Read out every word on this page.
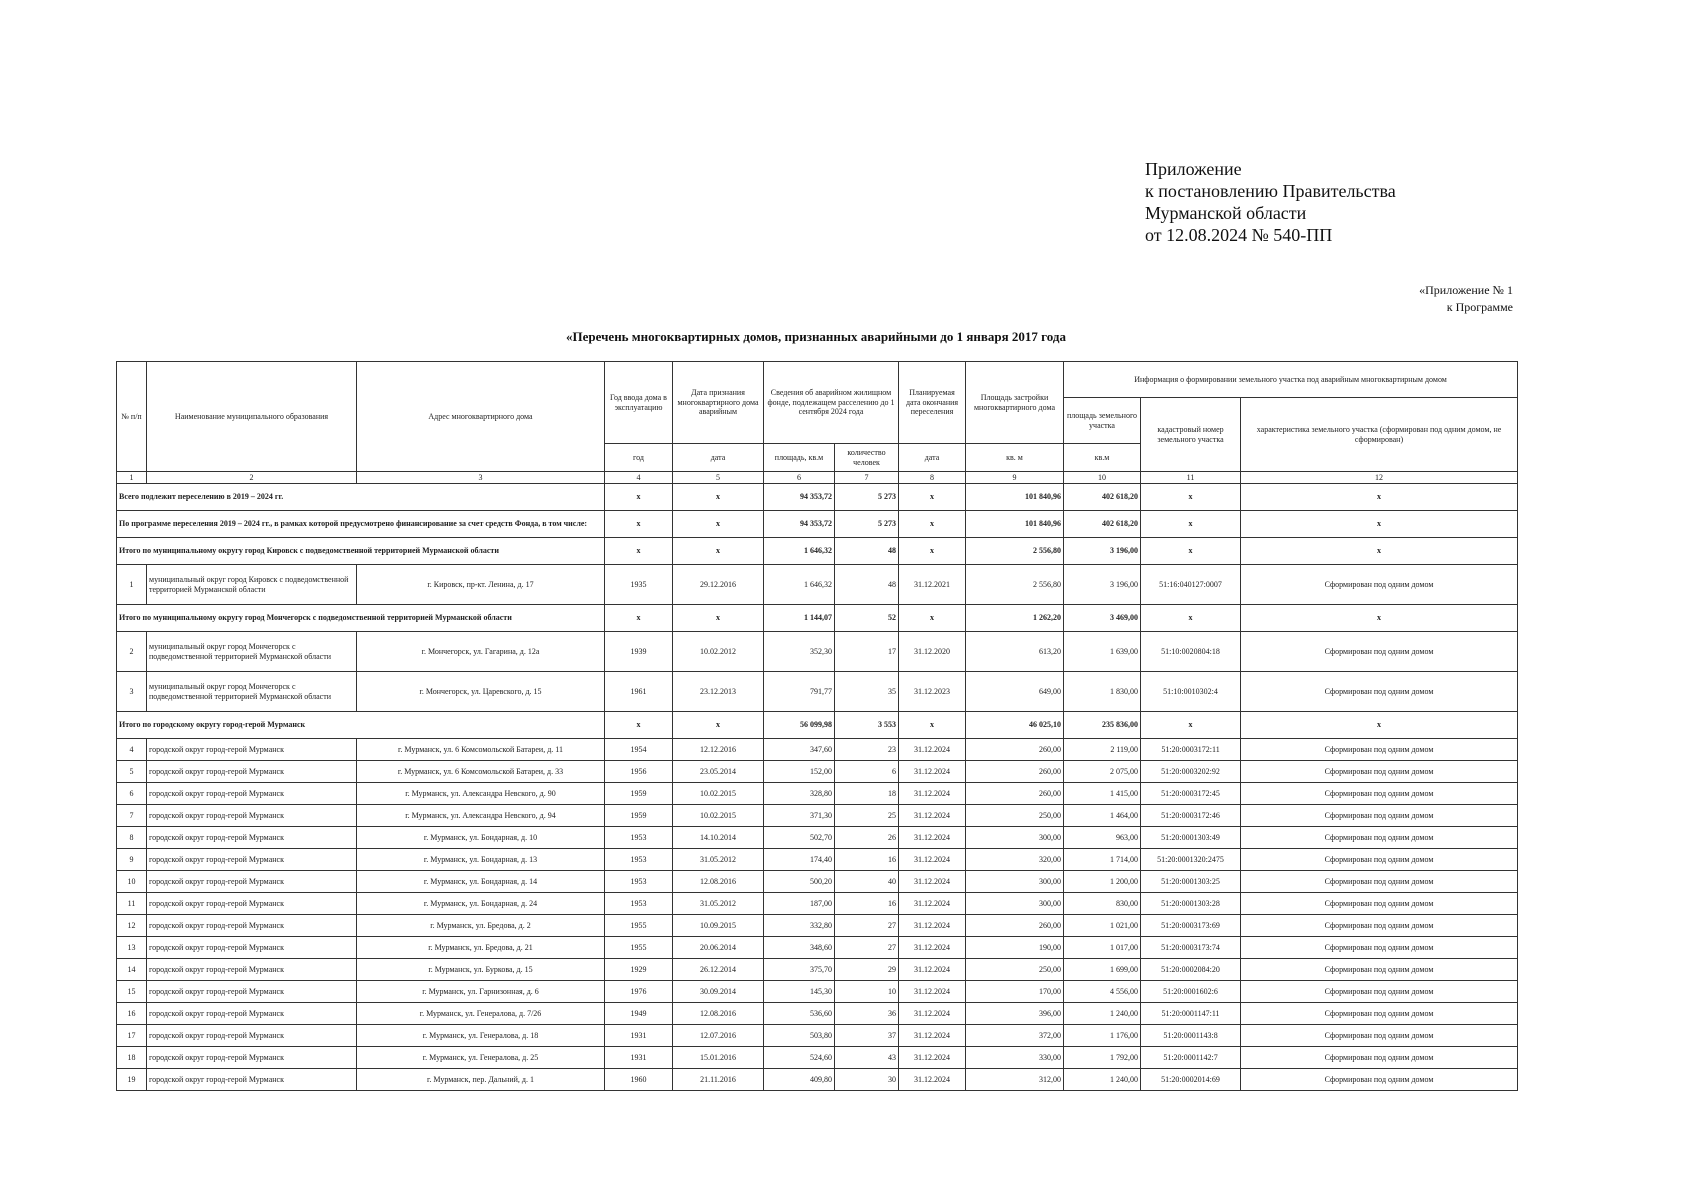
Приложение
к постановлению Правительства
Мурманской области
от 12.08.2024 № 540-ПП
«Приложение № 1
к Программе
«Перечень многоквартирных домов, признанных аварийными до 1 января 2017 года
№ п/п	Наименование муниципального образования	Адрес многоквартирного дома	Год ввода дома в эксплуатацию	Дата признания многоквартирного дома аварийным	Сведения об аварийном жилищном фонде, подлежащем расселению до 1 сентября 2024 года		Планируемая дата окончания переселения	Площадь застройки многоквартирного дома	Информация о формировании земельного участка под аварийным многоквартирным домом		
									площадь земельного участка	кадастровый номер земельного участка	характеристика земельного участка (сформирован под одним домом, не сформирован)
			год	дата	площадь, кв.м	количество человек	дата	кв. м	кв.м		
1	2	3	4	5	6	7	8	9	10	11	12
Всего подлежит переселению в 2019 – 2024 гг.			x	x	94 353,72	5 273	x	101 840,96	402 618,20	x	x
По программе переселения 2019 – 2024 гг., в рамках которой предусмотрено финансирование за счет средств Фонда, в том числе:			x	x	94 353,72	5 273	x	101 840,96	402 618,20	x	x
Итого по муниципальному округу город Кировск с подведомственной территорией Мурманской области			x	x	1 646,32	48	x	2 556,80	3 196,00	x	x
1	муниципальный округ город Кировск с подведомственной территорией Мурманской области	г. Кировск, пр-кт. Ленина, д. 17	1935	29.12.2016	1 646,32	48	31.12.2021	2 556,80	3 196,00	51:16:040127:0007	Сформирован под одним домом
Итого по муниципальному округу город Мончегорск с подведомственной территорией Мурманской области			x	x	1 144,07	52	x	1 262,20	3 469,00	x	x
2	муниципальный округ город Мончегорск с подведомственной территорией Мурманской области	г. Мончегорск, ул. Гагарина, д. 12а	1939	10.02.2012	352,30	17	31.12.2020	613,20	1 639,00	51:10:0020804:18	Сформирован под одним домом
3	муниципальный округ город Мончегорск с подведомственной территорией Мурманской области	г. Мончегорск, ул. Царевского, д. 15	1961	23.12.2013	791,77	35	31.12.2023	649,00	1 830,00	51:10:0010302:4	Сформирован под одним домом
Итого по городскому округу город-герой Мурманск			x	x	56 099,98	3 553	x	46 025,10	235 836,00	x	x
4	городской округ город-герой Мурманск	г. Мурманск, ул. 6 Комсомольской Батареи, д. 11	1954	12.12.2016	347,60	23	31.12.2024	260,00	2 119,00	51:20:0003172:11	Сформирован под одним домом
5	городской округ город-герой Мурманск	г. Мурманск, ул. 6 Комсомольской Батареи, д. 33	1956	23.05.2014	152,00	6	31.12.2024	260,00	2 075,00	51:20:0003202:92	Сформирован под одним домом
6	городской округ город-герой Мурманск	г. Мурманск, ул. Александра Невского, д. 90	1959	10.02.2015	328,80	18	31.12.2024	260,00	1 415,00	51:20:0003172:45	Сформирован под одним домом
7	городской округ город-герой Мурманск	г. Мурманск, ул. Александра Невского, д. 94	1959	10.02.2015	371,30	25	31.12.2024	250,00	1 464,00	51:20:0003172:46	Сформирован под одним домом
8	городской округ город-герой Мурманск	г. Мурманск, ул. Бондарная, д. 10	1953	14.10.2014	502,70	26	31.12.2024	300,00	963,00	51:20:0001303:49	Сформирован под одним домом
9	городской округ город-герой Мурманск	г. Мурманск, ул. Бондарная, д. 13	1953	31.05.2012	174,40	16	31.12.2024	320,00	1 714,00	51:20:0001320:2475	Сформирован под одним домом
10	городской округ город-герой Мурманск	г. Мурманск, ул. Бондарная, д. 14	1953	12.08.2016	500,20	40	31.12.2024	300,00	1 200,00	51:20:0001303:25	Сформирован под одним домом
11	городской округ город-герой Мурманск	г. Мурманск, ул. Бондарная, д. 24	1953	31.05.2012	187,00	16	31.12.2024	300,00	830,00	51:20:0001303:28	Сформирован под одним домом
12	городской округ город-герой Мурманск	г. Мурманск, ул. Бредова, д. 2	1955	10.09.2015	332,80	27	31.12.2024	260,00	1 021,00	51:20:0003173:69	Сформирован под одним домом
13	городской округ город-герой Мурманск	г. Мурманск, ул. Бредова, д. 21	1955	20.06.2014	348,60	27	31.12.2024	190,00	1 017,00	51:20:0003173:74	Сформирован под одним домом
14	городской округ город-герой Мурманск	г. Мурманск, ул. Буркова, д. 15	1929	26.12.2014	375,70	29	31.12.2024	250,00	1 699,00	51:20:0002084:20	Сформирован под одним домом
15	городской округ город-герой Мурманск	г. Мурманск, ул. Гарнизонная, д. 6	1976	30.09.2014	145,30	10	31.12.2024	170,00	4 556,00	51:20:0001602:6	Сформирован под одним домом
16	городской округ город-герой Мурманск	г. Мурманск, ул. Генералова, д. 7/26	1949	12.08.2016	536,60	36	31.12.2024	396,00	1 240,00	51:20:0001147:11	Сформирован под одним домом
17	городской округ город-герой Мурманск	г. Мурманск, ул. Генералова, д. 18	1931	12.07.2016	503,80	37	31.12.2024	372,00	1 176,00	51:20:0001143:8	Сформирован под одним домом
18	городской округ город-герой Мурманск	г. Мурманск, ул. Генералова, д. 25	1931	15.01.2016	524,60	43	31.12.2024	330,00	1 792,00	51:20:0001142:7	Сформирован под одним домом
19	городской округ город-герой Мурманск	г. Мурманск, пер. Дальний, д. 1	1960	21.11.2016	409,80	30	31.12.2024	312,00	1 240,00	51:20:0002014:69	Сформирован под одним домом
